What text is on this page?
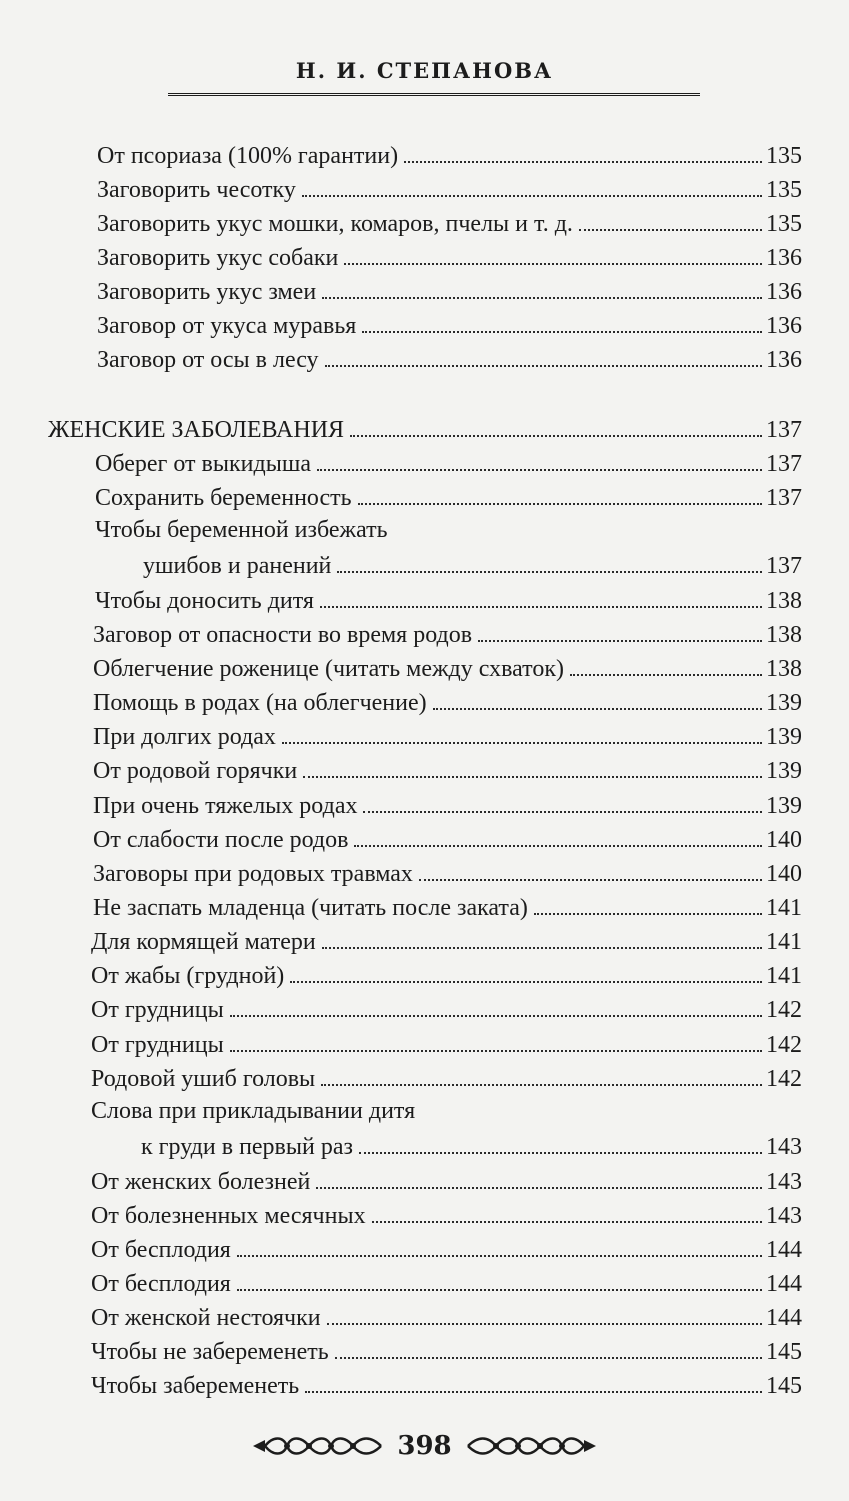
Н. И. СТЕПАНОВА
От псориаза (100% гарантии)	135
Заговорить чесотку	135
Заговорить укус мошки, комаров, пчелы и т. д.	135
Заговорить укус собаки	136
Заговорить укус змеи	136
Заговор от укуса муравья	136
Заговор от осы в лесу	136
ЖЕНСКИЕ ЗАБОЛЕВАНИЯ	137
Оберег от выкидыша	137
Сохранить беременность	137
Чтобы беременной избежать
ушибов и ранений	137
Чтобы доносить дитя	138
Заговор от опасности во время родов	138
Облегчение роженице (читать между схваток)	138
Помощь в родах (на облегчение)	139
При долгих родах	139
От родовой горячки	139
При очень тяжелых родах	139
От слабости после родов	140
Заговоры при родовых травмах	140
Не заспать младенца (читать после заката)	141
Для кормящей матери	141
От жабы (грудной)	141
От грудницы	142
От грудницы	142
Родовой ушиб головы	142
Слова при прикладывании дитя
к груди в первый раз	143
От женских болезней	143
От болезненных месячных	143
От бесплодия	144
От бесплодия	144
От женской нестоячки	144
Чтобы не забеременеть	145
Чтобы забеременеть	145
398
